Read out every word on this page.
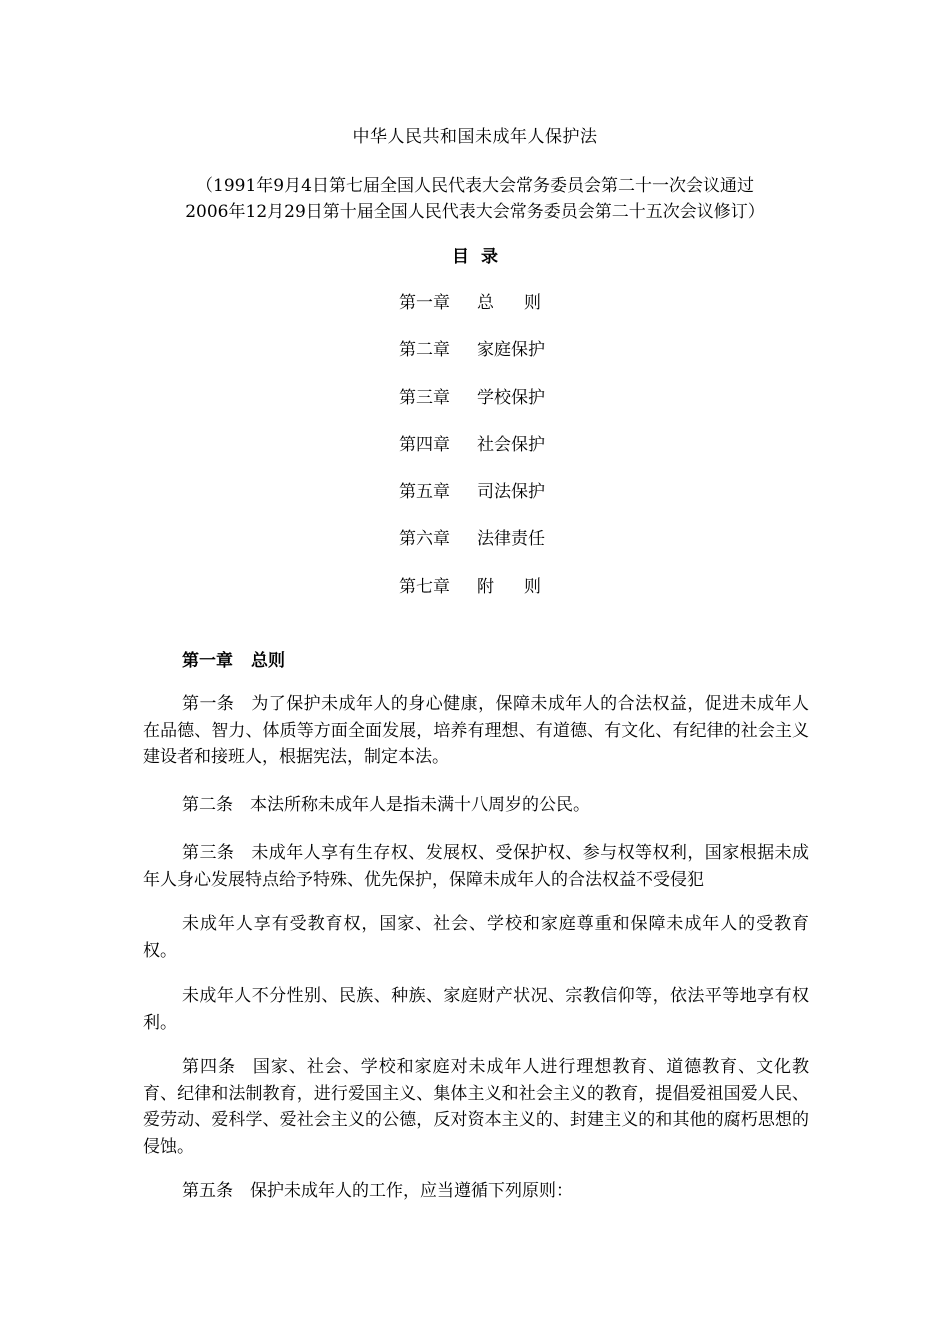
中华人民共和国未成年人保护法
（1991年9月4日第七届全国人民代表大会常务委员会第二十一次会议通过
2006年12月29日第十届全国人民代表大会常务委员会第二十五次会议修订）
目录
第一章 总则
第二章 家庭保护
第三章 学校保护
第四章 社会保护
第五章 司法保护
第六章 法律责任
第七章 附则
第一章 总则

第一条 为了保护未成年人的身心健康，保障未成年人的合法权益，促进未成年人在品德、智力、体质等方面全面发展，培养有理想、有道德、有文化、有纪律的社会主义建设者和接班人，根据宪法，制定本法。

第二条 本法所称未成年人是指未满十八周岁的公民。

第三条 未成年人享有生存权、发展权、受保护权、参与权等权利，国家根据未成年人身心发展特点给予特殊、优先保护，保障未成年人的合法权益不受侵犯

未成年人享有受教育权，国家、社会、学校和家庭尊重和保障未成年人的受教育权。

未成年人不分性别、民族、种族、家庭财产状况、宗教信仰等，依法平等地享有权利。

第四条 国家、社会、学校和家庭对未成年人进行理想教育、道德教育、文化教育、纪律和法制教育，进行爱国主义、集体主义和社会主义的教育，提倡爱祖国爱人民、爱劳动、爱科学、爱社会主义的公德，反对资本主义的、封建主义的和其他的腐朽思想的侵蚀。

第五条 保护未成年人的工作，应当遵循下列原则：
